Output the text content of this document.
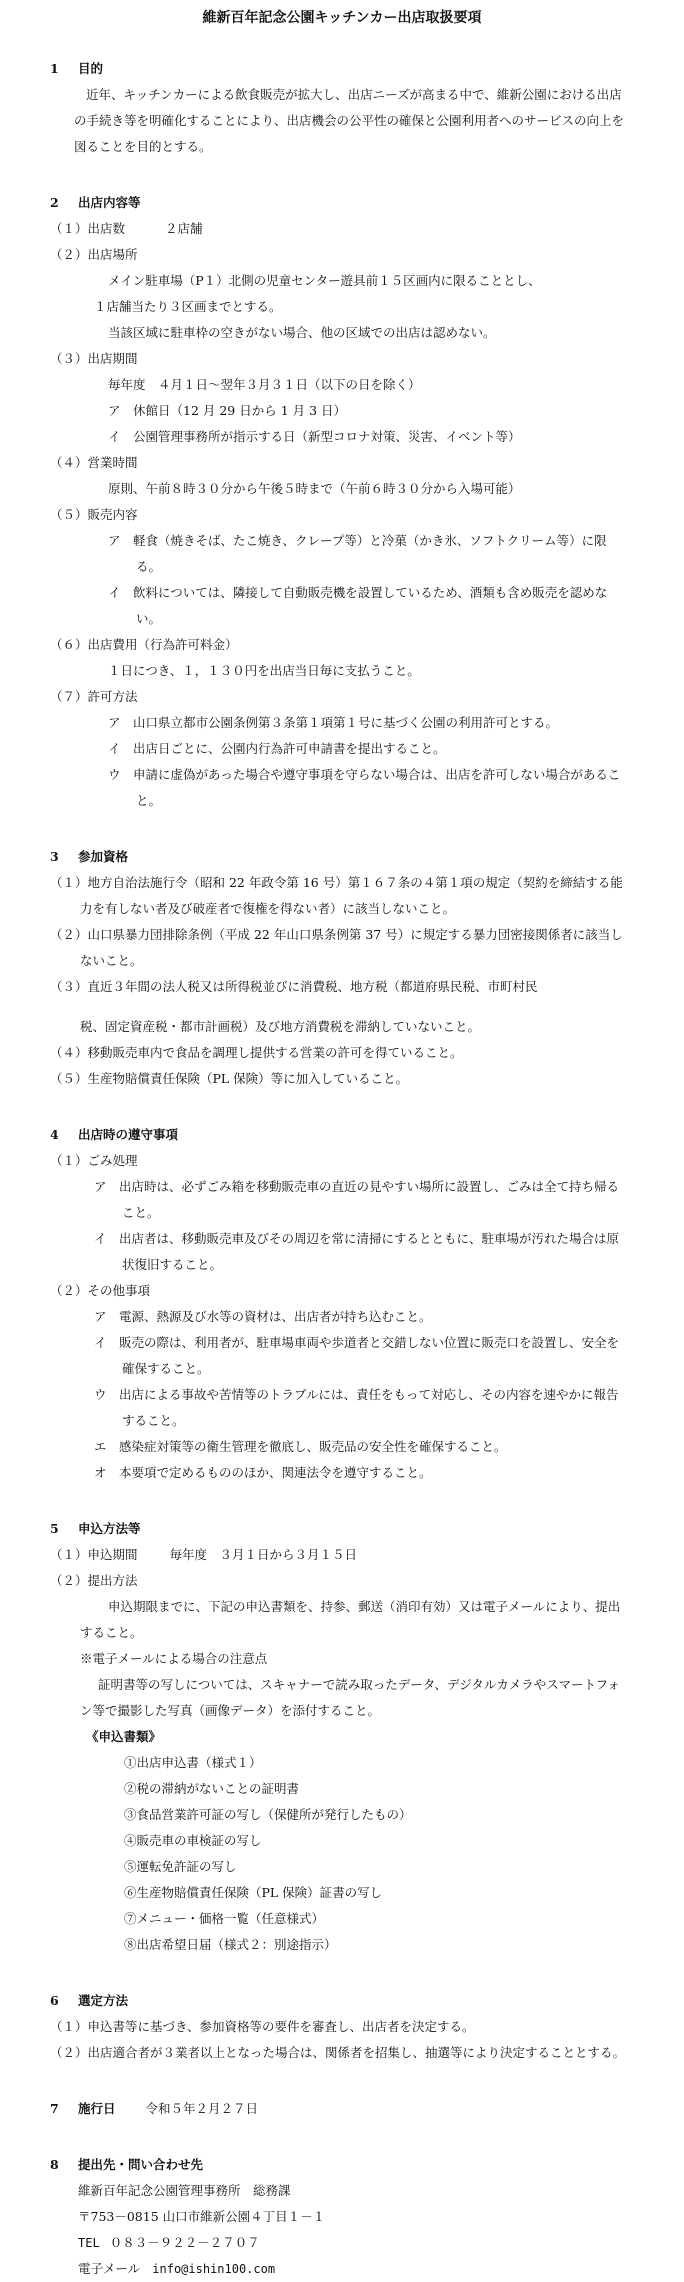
維新百年記念公園キッチンカー出店取扱要項
1 目的
近年、キッチンカーによる飲食販売が拡大し、出店ニーズが高まる中で、維新公園における出店の手続き等を明確化することにより、出店機会の公平性の確保と公園利用者へのサービスの向上を図ることを目的とする。
2 出店内容等
（１）出店数	２店舗
（２）出店場所
メイン駐車場（P１）北側の児童センター遊具前１５区画内に限ることとし、
１店舗当たり３区画までとする。
当該区域に駐車枠の空きがない場合、他の区域での出店は認めない。
（３）出店期間
毎年度　４月１日～翌年３月３１日（以下の日を除く）
ア　休館日（12 月 29 日から 1 月 3 日）
イ　公園管理事務所が指示する日（新型コロナ対策、災害、イベント等）
（４）営業時間
原則、午前８時３０分から午後５時まで（午前６時３０分から入場可能）
（５）販売内容
ア　軽食（焼きそば、たこ焼き、クレープ等）と冷菓（かき氷、ソフトクリーム等）に限る。
イ　飲料については、隣接して自動販売機を設置しているため、酒類も含め販売を認めない。
（６）出店費用（行為許可料金）
１日につき、１，１３０円を出店当日毎に支払うこと。
（７）許可方法
ア　山口県立都市公園条例第３条第１項第１号に基づく公園の利用許可とする。
イ　出店日ごとに、公園内行為許可申請書を提出すること。
ウ　申請に虚偽があった場合や遵守事項を守らない場合は、出店を許可しない場合があること。
3 参加資格
（１）地方自治法施行令（昭和 22 年政令第 16 号）第１６７条の４第１項の規定（契約を締結する能力を有しない者及び破産者で復権を得ない者）に該当しないこと。
（２）山口県暴力団排除条例（平成 22 年山口県条例第 37 号）に規定する暴力団密接関係者に該当しないこと。
（３）直近３年間の法人税又は所得税並びに消費税、地方税（都道府県民税、市町村民
税、固定資産税・都市計画税）及び地方消費税を滞納していないこと。
（４）移動販売車内で食品を調理し提供する営業の許可を得ていること。
（５）生産物賠償責任保険（PL 保険）等に加入していること。
4 出店時の遵守事項
（１）ごみ処理
ア　出店時は、必ずごみ箱を移動販売車の直近の見やすい場所に設置し、ごみは全て持ち帰ること。
イ　出店者は、移動販売車及びその周辺を常に清掃にするとともに、駐車場が汚れた場合は原状復旧すること。
（２）その他事項
ア　電源、熱源及び水等の資材は、出店者が持ち込むこと。
イ　販売の際は、利用者が、駐車場車両や歩道者と交錯しない位置に販売口を設置し、安全を確保すること。
ウ　出店による事故や苦情等のトラブルには、責任をもって対応し、その内容を速やかに報告すること。
エ　感染症対策等の衛生管理を徹底し、販売品の安全性を確保すること。
オ　本要項で定めるもののほか、関連法令を遵守すること。
5 申込方法等
（１）申込期間	毎年度　３月１日から３月１５日
（２）提出方法
申込期限までに、下記の申込書類を、持参、郵送（消印有効）又は電子メールにより、提出すること。
※電子メールによる場合の注意点
証明書等の写しについては、スキャナーで読み取ったデータ、デジタルカメラやスマートフォン等で撮影した写真（画像データ）を添付すること。
《申込書類》
①出店申込書（様式１）
②税の滞納がないことの証明書
③食品営業許可証の写し（保健所が発行したもの）
④販売車の車検証の写し
⑤運転免許証の写し
⑥生産物賠償責任保険（PL 保険）証書の写し
⑦メニュー・価格一覧（任意様式）
⑧出店希望日届（様式２：別途指示）
6 選定方法
（１）申込書等に基づき、参加資格等の要件を審査し、出店者を決定する。
（２）出店適合者が３業者以上となった場合は、関係者を招集し、抽選等により決定することとする。
7 施行日 令和５年２月２７日
8 提出先・問い合わせ先
維新百年記念公園管理事務所　総務課
〒753－0815 山口市維新公園４丁目１－１
TEL ０８３－９２２－２７０７
電子メール info@ishin100.com
